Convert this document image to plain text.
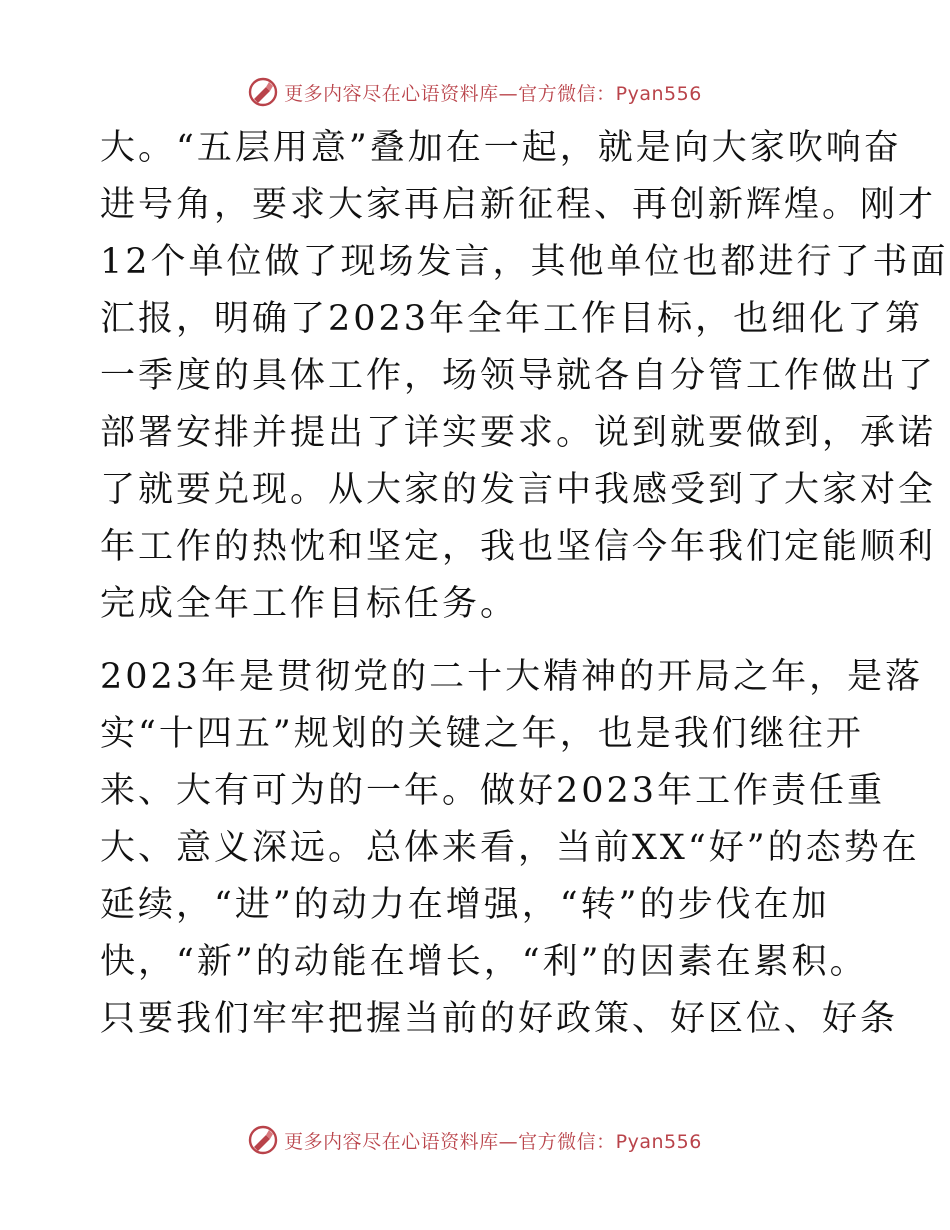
更多内容尽在心语资料库—官方微信：Pyan556
大。“五层用意”叠加在一起，就是向大家吹响奋
进号角，要求大家再启新征程、再创新辉煌。刚才
12个单位做了现场发言，其他单位也都进行了书面
汇报，明确了2023年全年工作目标，也细化了第
一季度的具体工作，场领导就各自分管工作做出了
部署安排并提出了详实要求。说到就要做到，承诺
了就要兑现。从大家的发言中我感受到了大家对全
年工作的热忱和坚定，我也坚信今年我们定能顺利
完成全年工作目标任务。
2023年是贯彻党的二十大精神的开局之年，是落
实“十四五”规划的关键之年，也是我们继往开
来、大有可为的一年。做好2023年工作责任重
大、意义深远。总体来看，当前XX“好”的态势在
延续，“进”的动力在增强，“转”的步伐在加
快，“新”的动能在增长，“利”的因素在累积。
只要我们牢牢把握当前的好政策、好区位、好条
更多内容尽在心语资料库—官方微信：Pyan556
